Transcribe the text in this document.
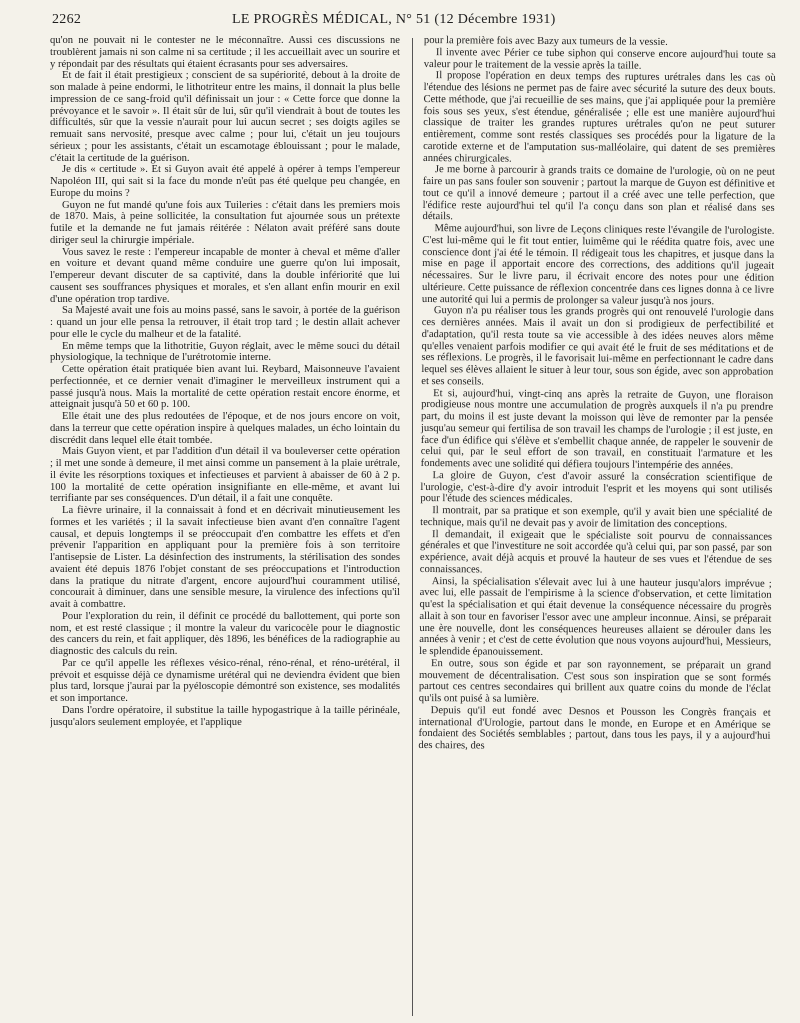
2262	LE PROGRÈS MÉDICAL, N° 51 (12 Décembre 1931)

qu'on ne pouvait ni le contester ne le méconnaître. Aussi ces discussions ne troublèrent jamais ni son calme ni sa certitude ; il les accueillait avec un sourire et y répondait par des résultats qui étaient écrasants pour ses adversaires.

Et de fait il était prestigieux ; conscient de sa supériorité, debout à la droite de son malade à peine endormi, le lithotriteur entre les mains, il donnait la plus belle impression de ce sang-froid qu'il définissait un jour : « Cette force que donne la prévoyance et le savoir ». Il était sûr de lui, sûr qu'il viendrait à bout de toutes les difficultés, sûr que la vessie n'aurait pour lui aucun secret ; ses doigts agiles se remuait sans nervosité, presque avec calme ; pour lui, c'était un jeu toujours sérieux ; pour les assistants, c'était un escamotage éblouissant ; pour le malade, c'était la certitude de la guérison.

Je dis « certitude ». Et si Guyon avait été appelé à opérer à temps l'empereur Napoléon III, qui sait si la face du monde n'eût pas été quelque peu changée, en Europe du moins ?

Guyon ne fut mandé qu'une fois aux Tuileries : c'était dans les premiers mois de 1870. Mais, à peine sollicitée, la consultation fut ajournée sous un prétexte futile et la demande ne fut jamais réitérée : Nélaton avait préféré sans doute diriger seul la chirurgie impériale.

Vous savez le reste : l'empereur incapable de monter à cheval et même d'aller en voiture et devant quand même conduire une guerre qu'on lui imposait, l'empereur devant discuter de sa captivité, dans la double infériorité que lui causent ses souffrances physiques et morales, et s'en allant enfin mourir en exil d'une opération trop tardive.

Sa Majesté avait une fois au moins passé, sans le savoir, à portée de la guérison : quand un jour elle pensa la retrouver, il était trop tard ; le destin allait achever pour elle le cycle du malheur et de la fatalité.

En même temps que la lithotritie, Guyon réglait, avec le même souci du détail physiologique, la technique de l'urétrotomie interne.

Cette opération était pratiquée bien avant lui. Reybard, Maisonneuve l'avaient perfectionnée, et ce dernier venait d'imaginer le merveilleux instrument qui a passé jusqu'à nous. Mais la mortalité de cette opération restait encore énorme, et atteignait jusqu'à 50 et 60 p. 100.

Elle était une des plus redoutées de l'époque, et de nos jours encore on voit, dans la terreur que cette opération inspire à quelques malades, un écho lointain du discrédit dans lequel elle était tombée.

Mais Guyon vient, et par l'addition d'un détail il va bouleverser cette opération ; il met une sonde à demeure, il met ainsi comme un pansement à la plaie urétrale, il évite les résorptions toxiques et infectieuses et parvient à abaisser de 60 à 2 p. 100 la mortalité de cette opération insignifiante en elle-même, et avant lui terrifiante par ses conséquences. D'un détail, il a fait une conquête.

La fièvre urinaire, il la connaissait à fond et en décrivait minutieusement les formes et les variétés ; il la savait infectieuse bien avant d'en connaître l'agent causal, et depuis longtemps il se préoccupait d'en combattre les effets et d'en prévenir l'apparition en appliquant pour la première fois à son territoire l'antisepsie de Lister. La désinfection des instruments, la stérilisation des sondes avaient été depuis 1876 l'objet constant de ses préoccupations et l'introduction dans la pratique du nitrate d'argent, encore aujourd'hui couramment utilisé, concourait à diminuer, dans une sensible mesure, la virulence des infections qu'il avait à combattre.

Pour l'exploration du rein, il définit ce procédé du ballottement, qui porte son nom, et est resté classique ; il montre la valeur du varicocèle pour le diagnostic des cancers du rein, et fait appliquer, dès 1896, les bénéfices de la radiographie au diagnostic des calculs du rein.

Par ce qu'il appelle les réflexes vésico-rénal, réno-rénal, et réno-urétéral, il prévoit et esquisse déjà ce dynamisme urétéral qui ne deviendra évident que bien plus tard, lorsque j'aurai par la pyéloscopie démontré son existence, ses modalités et son importance.

Dans l'ordre opératoire, il substitue la taille hypogastrique à la taille périnéale, jusqu'alors seulement employée, et l'applique

pour la première fois avec Bazy aux tumeurs de la vessie.

Il invente avec Périer ce tube siphon qui conserve encore aujourd'hui toute sa valeur pour le traitement de la vessie après la taille.

Il propose l'opération en deux temps des ruptures urétrales dans les cas où l'étendue des lésions ne permet pas de faire avec sécurité la suture des deux bouts. Cette méthode, que j'ai recueillie de ses mains, que j'ai appliquée pour la première fois sous ses yeux, s'est étendue, généralisée ; elle est une manière aujourd'hui classique de traiter les grandes ruptures urétrales qu'on ne peut suturer entièrement, comme sont restés classiques ses procédés pour la ligature de la carotide externe et de l'amputation sus-malléolaire, qui datent de ses premières années chirurgicales.

Je me borne à parcourir à grands traits ce domaine de l'urologie, où on ne peut faire un pas sans fouler son souvenir ; partout la marque de Guyon est définitive et tout ce qu'il a innové demeure ; partout il a créé avec une telle perfection, que l'édifice reste aujourd'hui tel qu'il l'a conçu dans son plan et réalisé dans ses détails.

Même aujourd'hui, son livre de Leçons cliniques reste l'évangile de l'urologiste. C'est lui-même qui le fit tout entier, luimême qui le réédita quatre fois, avec une conscience dont j'ai été le témoin. Il rédigeait tous les chapitres, et jusque dans la mise en page il apportait encore des corrections, des additions qu'il jugeait nécessaires. Sur le livre paru, il écrivait encore des notes pour une édition ultérieure. Cette puissance de réflexion concentrée dans ces lignes donna à ce livre une autorité qui lui a permis de prolonger sa valeur jusqu'à nos jours.

Guyon n'a pu réaliser tous les grands progrès qui ont renouvelé l'urologie dans ces dernières années. Mais il avait un don si prodigieux de perfectibilité et d'adaptation, qu'il resta toute sa vie accessible à des idées neuves alors même qu'elles venaient parfois modifier ce qui avait été le fruit de ses méditations et de ses réflexions. Le progrès, il le favorisait lui-même en perfectionnant le cadre dans lequel ses élèves allaient le situer à leur tour, sous son égide, avec son approbation et ses conseils.

Et si, aujourd'hui, vingt-cinq ans après la retraite de Guyon, une floraison prodigieuse nous montre une accumulation de progrès auxquels il n'a pu prendre part, du moins il est juste devant la moisson qui lève de remonter par la pensée jusqu'au semeur qui fertilisa de son travail les champs de l'urologie ; il est juste, en face d'un édifice qui s'élève et s'embellit chaque année, de rappeler le souvenir de celui qui, par le seul effort de son travail, en constituait l'armature et les fondements avec une solidité qui défiera toujours l'intempérie des années.

La gloire de Guyon, c'est d'avoir assuré la consécration scientifique de l'urologie, c'est-à-dire d'y avoir introduit l'esprit et les moyens qui sont utilisés pour l'étude des sciences médicales.

Il montrait, par sa pratique et son exemple, qu'il y avait bien une spécialité de technique, mais qu'il ne devait pas y avoir de limitation des conceptions.

Il demandait, il exigeait que le spécialiste soit pourvu de connaissances générales et que l'investiture ne soit accordée qu'à celui qui, par son passé, par son expérience, avait déjà acquis et prouvé la hauteur de ses vues et l'étendue de ses connaissances.

Ainsi, la spécialisation s'élevait avec lui à une hauteur jusqu'alors imprévue ; avec lui, elle passait de l'empirisme à la science d'observation, et cette limitation qu'est la spécialisation et qui était devenue la conséquence nécessaire du progrès allait à son tour en favoriser l'essor avec une ampleur inconnue. Ainsi, se préparait une ère nouvelle, dont les conséquences heureuses allaient se dérouler dans les années à venir ; et c'est de cette évolution que nous voyons aujourd'hui, Messieurs, le splendide épanouissement.

En outre, sous son égide et par son rayonnement, se préparait un grand mouvement de décentralisation. C'est sous son inspiration que se sont formés partout ces centres secondaires qui brillent aux quatre coins du monde de l'éclat qu'ils ont puisé à sa lumière.

Depuis qu'il eut fondé avec Desnos et Pousson les Congrès français et international d'Urologie, partout dans le monde, en Europe et en Amérique se fondaient des Sociétés semblables ; partout, dans tous les pays, il y a aujourd'hui des chaires, des
